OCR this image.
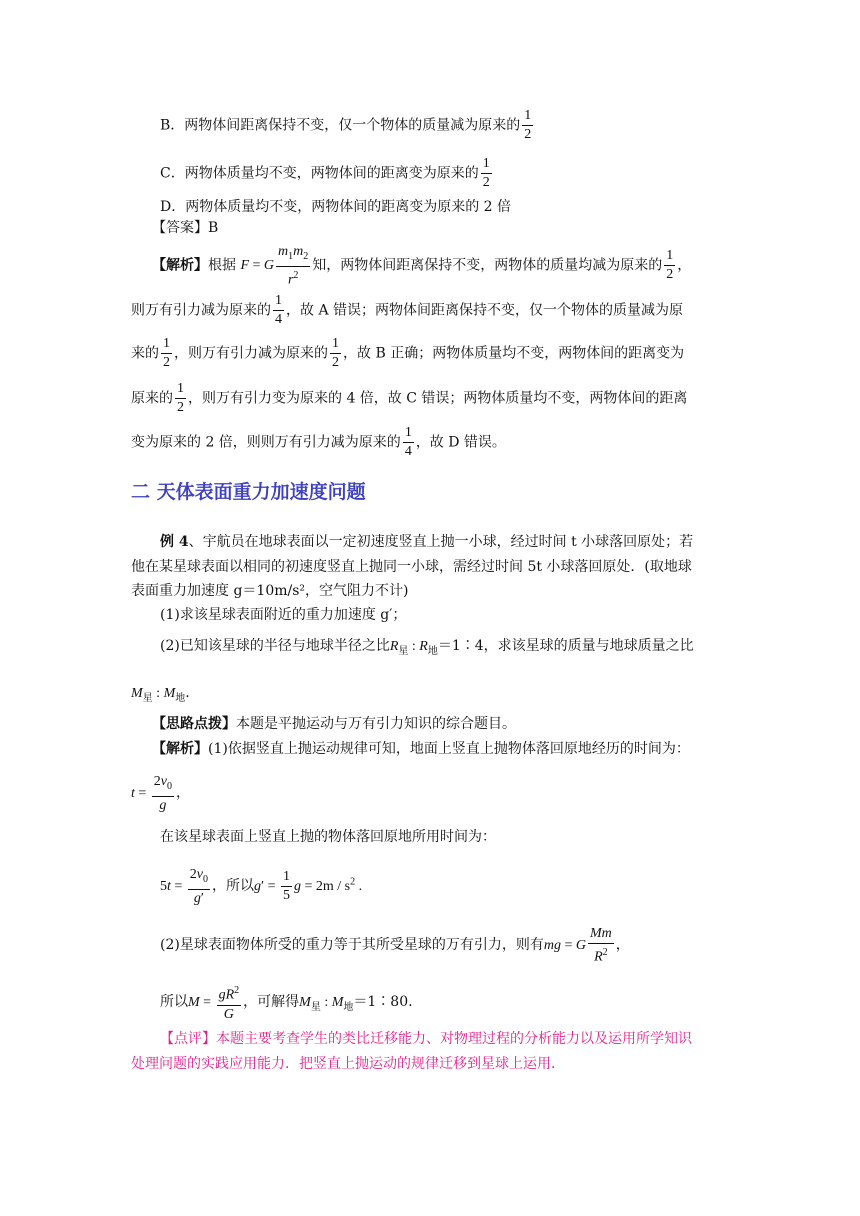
B．两物体间距离保持不变，仅一个物体的质量减为原来的 $\frac{1}{2}$
C．两物体质量均不变，两物体间的距离变为原来的 $\frac{1}{2}$
D．两物体质量均不变，两物体间的距离变为原来的 2 倍
【答案】B
【解析】根据 F = G $\frac{m_1m_2}{r^2}$ 知，两物体间距离保持不变，两物体的质量均减为原来的 $\frac{1}{2}$ ，
则万有引力减为原来的 $\frac{1}{4}$ ，故 A 错误；两物体间距离保持不变，仅一个物体的质量减为原
来的 $\frac{1}{2}$ ，则万有引力减为原来的 $\frac{1}{2}$ ，故 B 正确；两物体质量均不变，两物体间的距离变为
原来的 $\frac{1}{2}$ ，则万有引力变为原来的 4 倍，故 C 错误；两物体质量均不变，两物体间的距离
变为原来的 2 倍，则则万有引力减为原来的 $\frac{1}{4}$ ，故 D 错误。
二 天体表面重力加速度问题
例 4、宇航员在地球表面以一定初速度竖直上抛一小球，经过时间 t 小球落回原处；若
他在某星球表面以相同的初速度竖直上抛同一小球，需经过时间 5t 小球落回原处．(取地球
表面重力加速度 g＝10m/s²，空气阻力不计)
(1)求该星球表面附近的重力加速度 g′；
(2)已知该星球的半径与地球半径之比$R_星$ : $R_地=1∶4$，求该星球的质量与地球质量之比
$M_星$ : $M_地$.
【思路点拨】本题是平抛运动与万有引力知识的综合题目。
【解析】(1)依据竖直上抛运动规律可知，地面上竖直上抛物体落回原地经历的时间为：
$t = \frac{2v_0}{g}$ ，
在该星球表面上竖直上抛的物体落回原地所用时间为：
$5t = \frac{2v_0}{g'}$ ，所以$g' = \frac{1}{5}$ $g = 2m / s^2$ .
(2)星球表面物体所受的重力等于其所受星球的万有引力，则有mg = G $\frac{Mm}{R^2}$ ，
所以$M = \frac{gR^2}{G}$ ，可解得$M_星$ : $M_地=1∶80$.
【点评】本题主要考查学生的类比迁移能力、对物理过程的分析能力以及运用所学知识
处理问题的实践应用能力．把竖直上抛运动的规律迁移到星球上运用．
